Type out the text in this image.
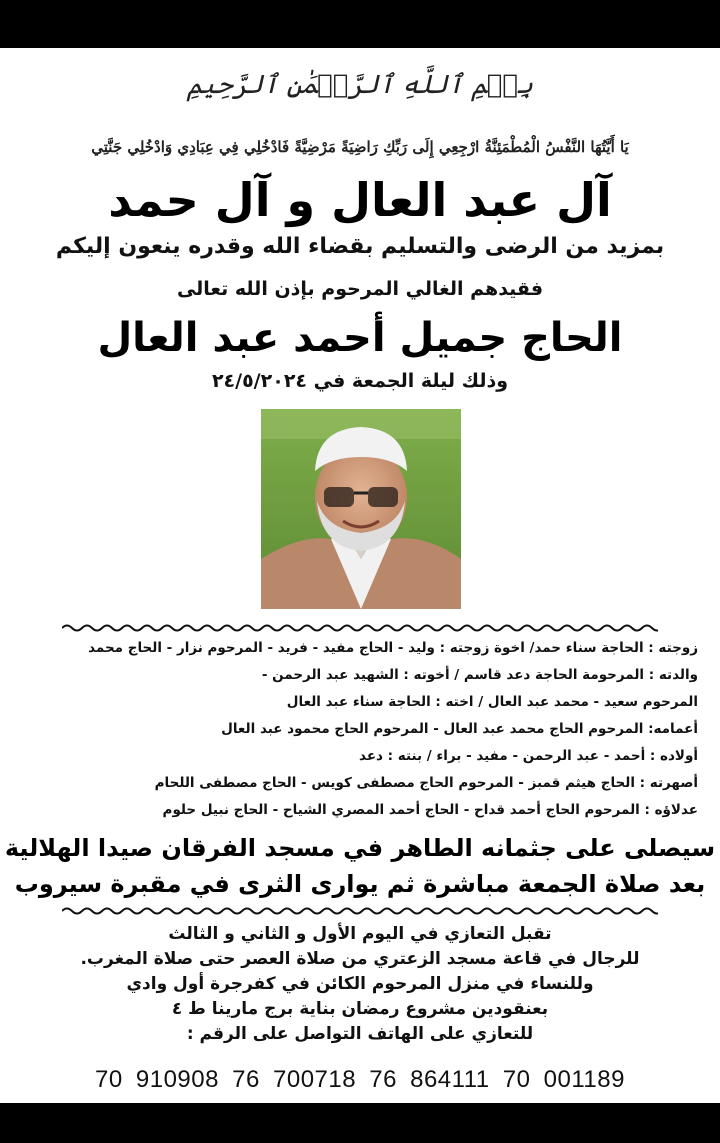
بِسۡمِ ٱللَّهِ ٱلرَّحۡمَٰنِ ٱلرَّحِيمِ
يَا أَيَّتُهَا النَّفْسُ الْمُطْمَئِنَّةُ ارْجِعِي إِلَى رَبِّكِ رَاضِيَةً مَرْضِيَّةً فَادْخُلِي فِي عِبَادِي وَادْخُلِي جَنَّتِي
آل عبد العال و آل حمد
بمزيد من الرضى والتسليم بقضاء الله وقدره ينعون إليكم
فقيدهم الغالي المرحوم بإذن الله تعالى
الحاج جميل أحمد عبد العال
وذلك ليلة الجمعة في ٢٤/٥/٢٠٢٤
زوجته : الحاجة سناء حمد/ اخوة زوجته : وليد - الحاج مفيد - فريد - المرحوم نزار - الحاج محمد
والدته : المرحومة الحاجة دعد قاسم / أخوته : الشهيد عبد الرحمن -
المرحوم سعيد - محمد عبد العال / اخته : الحاجة سناء عبد العال
أعمامه: المرحوم الحاج محمد عبد العال - المرحوم الحاج محمود عبد العال
أولاده : أحمد - عبد الرحمن - مفيد - براء / بنته : دعد
أصهرته : الحاج هيثم قمبز - المرحوم الحاج مصطفى كويس - الحاج مصطفى اللحام
عدلاؤه : المرحوم الحاج أحمد قداح - الحاج أحمد المصري الشياح - الحاج نبيل حلوم
سيصلى على جثمانه الطاهر في مسجد الفرقان صيدا الهلالية
بعد صلاة الجمعة مباشرة ثم يوارى الثرى في مقبرة سيروب
تقبل التعازي في اليوم الأول و الثاني و الثالث
للرجال في قاعة مسجد الزعتري من صلاة العصر حتى صلاة المغرب.
وللنساء في منزل المرحوم الكائن في كفرجرة أول وادي
بعنقودين مشروع رمضان بناية برج مارينا ط ٤
للتعازي على الهاتف التواصل على الرقم :
70 910908 76 700718 76 864111 70 001189
